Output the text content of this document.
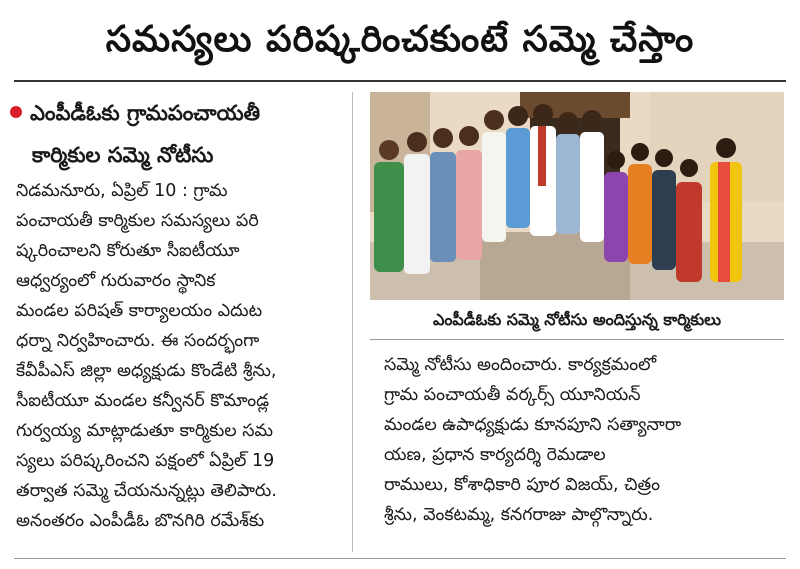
సమస్యలు పరిష్కరించకుంటే సమ్మె చేస్తాం
ఎంపీడీఓకు గ్రామపంచాయతీ
కార్మికుల సమ్మె నోటీసు
నిడమనూరు, ఏప్రిల్ 10 : గ్రామ
పంచాయతీ కార్మికుల సమస్యలు పరి
ష్కరించాలని కోరుతూ సీఐటీయూ
ఆధ్వర్యంలో గురువారం స్థానిక
మండల పరిషత్ కార్యాలయం ఎదుట
ధర్నా నిర్వహించారు. ఈ సందర్భంగా
కేవీపీఎస్ జిల్లా అధ్యక్షుడు కొండేటి శ్రీను,
సీఐటీయూ మండల కన్వీనర్ కొమాండ్ల
గుర్వయ్య మాట్లాడుతూ కార్మికుల సమ
స్యలు పరిష్కరించని పక్షంలో ఏప్రిల్ 19
తర్వాత సమ్మె చేయనున్నట్లు తెలిపారు.
అనంతరం ఎంపీడీఓ బొనగిరి రమేశ్‌కు
ఎంపీడీఓకు సమ్మె నోటీసు అందిస్తున్న కార్మికులు
సమ్మె నోటీసు అందించారు. కార్యక్రమంలో
గ్రామ పంచాయతీ వర్కర్స్ యూనియన్
మండల ఉపాధ్యక్షుడు కూనపూని సత్యానారా
యణ, ప్రధాన కార్యదర్శి రెమడాల
రాములు, కోశాధికారి పూర విజయ్, చిత్రం
శ్రీను, వెంకటమ్మ, కనగరాజు పాల్గొన్నారు.
